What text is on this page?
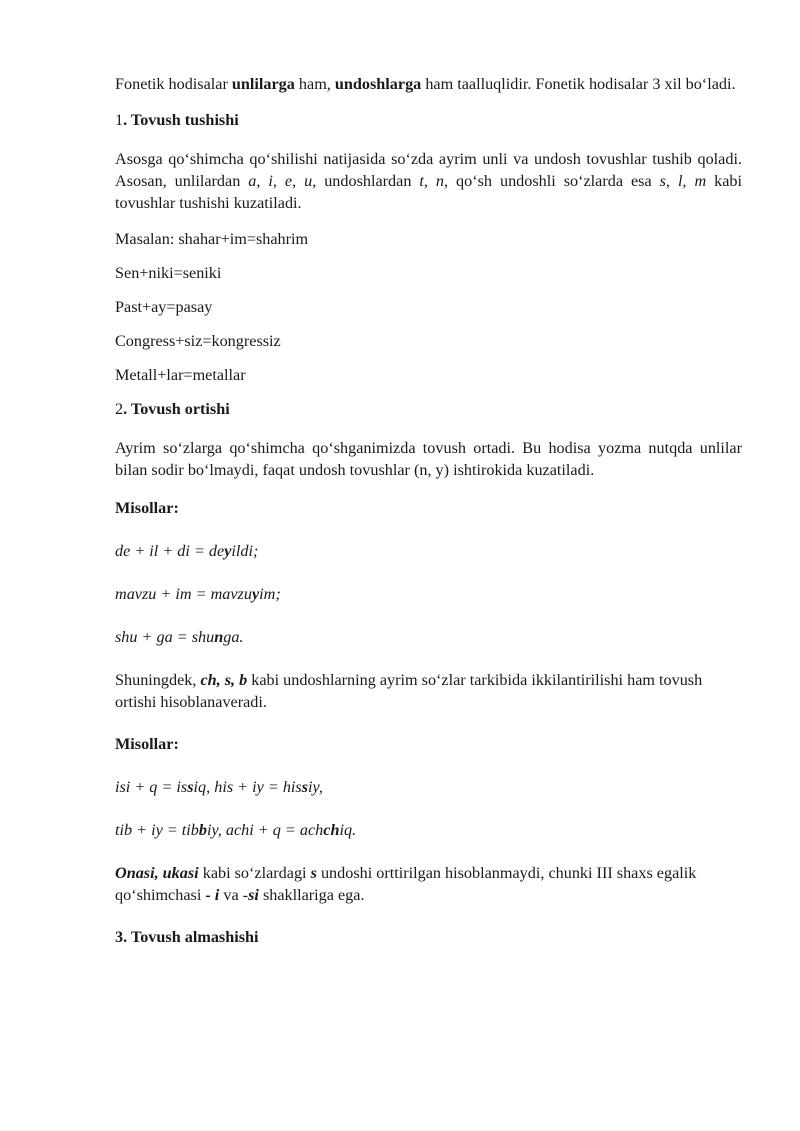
Fonetik hodisalar unlilarga ham, undoshlarga ham taalluqlidir. Fonetik hodisalar 3 xil bo‘ladi.

1. Tovush tushishi

Asosga qo‘shimcha qo‘shilishi natijasida so‘zda ayrim unli va undosh tovushlar tushib qoladi. Asosan, unlilardan a, i, e, u, undoshlardan t, n, qo‘sh undoshli so‘zlarda esa s, l, m kabi tovushlar tushishi kuzatiladi.

Masalan: shahar+im=shahrim

Sen+niki=seniki

Past+ay=pasay

Congress+siz=kongressiz

Metall+lar=metallar

2. Tovush ortishi

Ayrim so‘zlarga qo‘shimcha qo‘shganimizda tovush ortadi. Bu hodisa yozma nutqda unlilar bilan sodir bo‘lmaydi, faqat undosh tovushlar (n, y) ishtirokida kuzatiladi.

Misollar:

de + il + di = deyildi;

mavzu + im = mavzuyim;

shu + ga = shunga.

Shuningdek, ch, s, b kabi undoshlarning ayrim so‘zlar tarkibida ikkilantirilishi ham tovush ortishi hisoblanaveradi.

Misollar:

isi + q = issiq, his + iy = hissiy,

tib + iy = tibbiy, achi + q = achchiq.

Onasi, ukasi kabi so‘zlardagi s undoshi orttirilgan hisoblanmaydi, chunki III shaxs egalik qo‘shimchasi - i va -si shakllariga ega.

3. Tovush almashishi
